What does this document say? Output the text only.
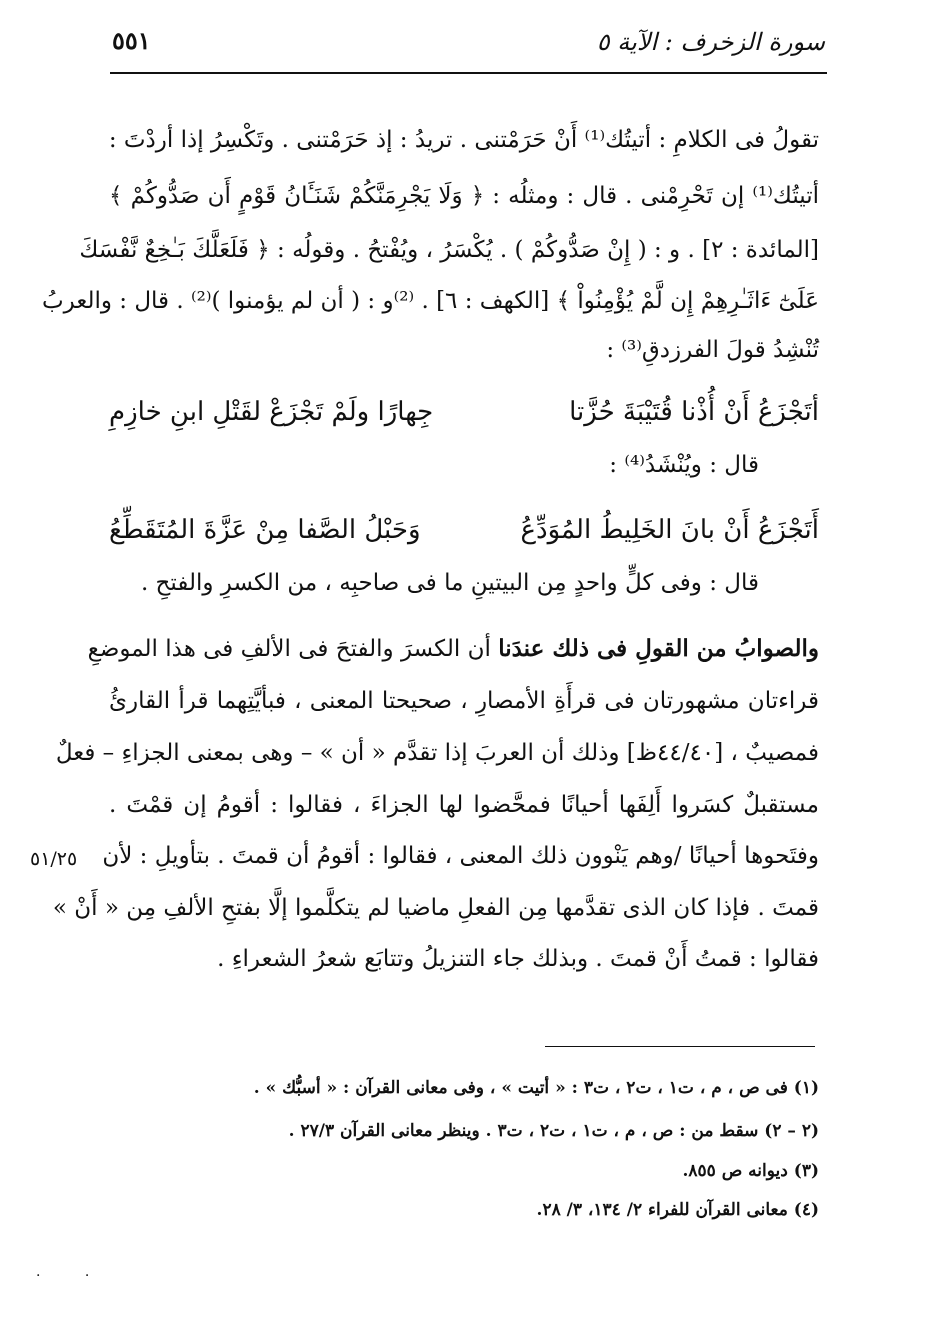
٥٥١	سورة الزخرف : الآية ٥
تقولُ فى الكلامِ : أتيتُك⁽¹⁾ أَنْ حَرَمْتنى . تريدُ : إذ حَرَمْتنى . وتَكْسِرُ إذا أردْتَ :
أتيتُك⁽¹⁾ إن تَحْرِمْنى . قال : ومثلُه : ﴿ وَلَا يَجْرِمَنَّكُمْ شَنَـَٔانُ قَوْمٍ أَن صَدُّوكُمْ ﴾
[المائدة : ٢] . و : ( إِنْ صَدُّوكُمْ ) . يُكْسَرُ ، ويُفْتحُ . وقولُه : ﴿ فَلَعَلَّكَ بَـٰخِعٌ نَّفْسَكَ
عَلَىٰٓ ءَاثَـٰرِهِمْ إِن لَّمْ يُؤْمِنُواْ ﴾ [الكهف : ٦] . ⁽²⁾و : ( أن لم يؤمنوا )⁽²⁾ . قال : والعربُ
تُنْشِدُ قولَ الفرزدقِ⁽³⁾ :
أتَجْزَعُ أَنْ أُذْنا قُتَيْبَةَ حُزَّتا
جِهارًا ولَمْ تَجْزَعْ لقَتْلِ ابنِ خازِمِ
قال : ويُنْشَدُ⁽⁴⁾ :
أَتَجْزَعُ أَنْ بانَ الخَلِيطُ المُوَدِّعُ
وَحَبْلُ الصَّفا مِنْ عَزَّةَ المُتَقَطِّعُ
قال : وفى كلٍّ واحدٍ مِن البيتينِ ما فى صاحبِه ، من الكسرِ والفتحِ .
والصوابُ من القولِ فى ذلك عندَنا أن الكسرَ والفتحَ فى الألفِ فى هذا الموضعِ
قراءتان مشهورتان فى قرأَةِ الأمصارِ ، صحيحتا المعنى ، فبأيَّتِهما قرأ القارئُ
فمصيبٌ ، [٤٤/٤٠ظ] وذلك أن العربَ إذا تقدَّم « أن » – وهى بمعنى الجزاءِ – فعلٌ
مستقبلٌ كسَروا أَلِفَها أحيانًا فمحَّضوا لها الجزاءَ ، فقالوا : أقومُ إن قمْتَ .
وفتَحوها أحيانًا /وهم يَنْوون ذلك المعنى ، فقالوا : أقومُ أن قمتَ . بتأويلِ : لأن
قمتَ . فإذا كان الذى تقدَّمها مِن الفعلِ ماضيا لم يتكلَّموا إلَّا بفتحِ الألفِ مِن « أَنْ »
فقالوا : قمتُ أَنْ قمتَ . وبذلك جاء التنزيلُ وتتابَع شعرُ الشعراءِ .
٥١/٢٥
(١) فى ص ، م ، ت١ ، ت٢ ، ت٣ : « أتيت » ، وفى معانى القرآن : « أسبُّك » .
(٢ – ٢) سقط من : ص ، م ، ت١ ، ت٢ ، ت٣ . وينظر معانى القرآن ٢٧/٣ .
(٣) ديوانه ص ٨٥٥.
(٤) معانى القرآن للفراء ٢/ ١٣٤، ٣/ ٢٨.
· ·
